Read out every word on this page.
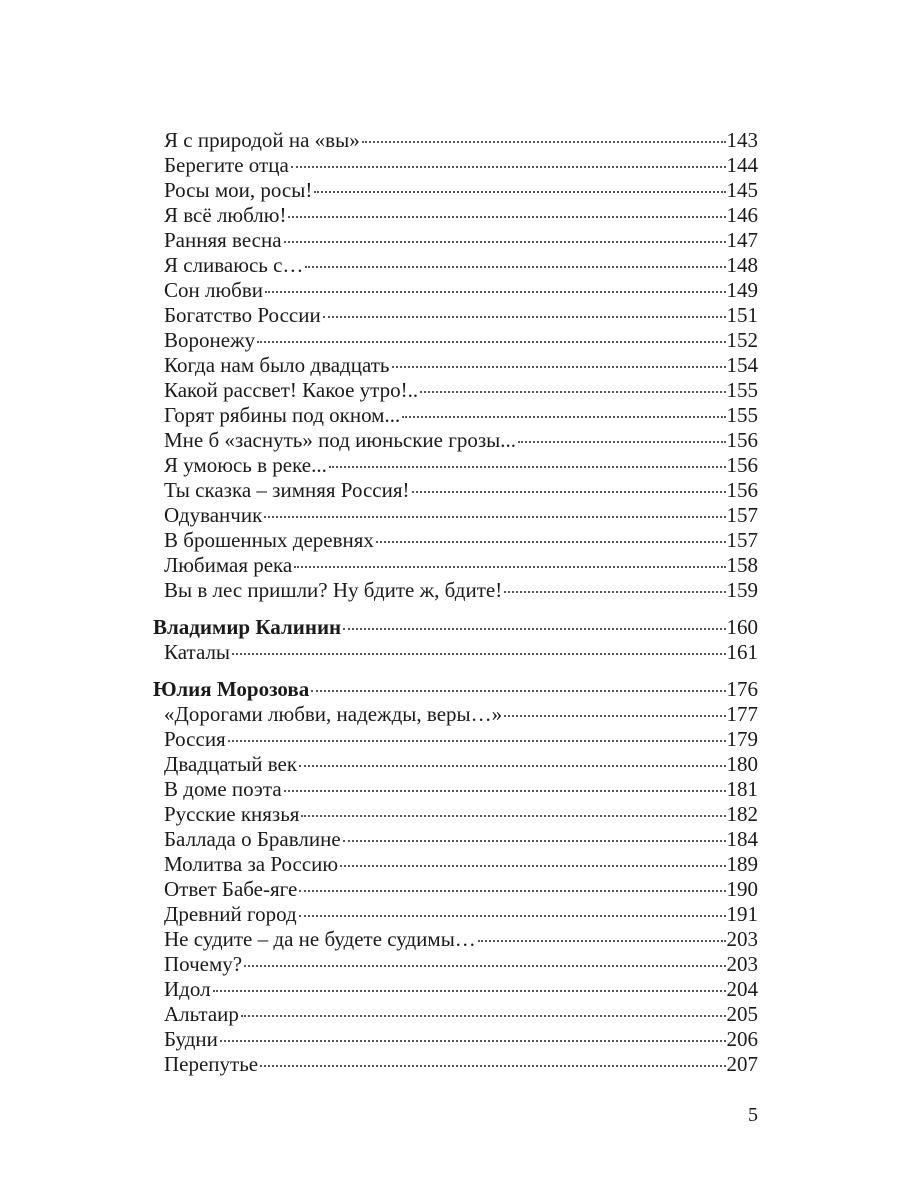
Я с природой на «вы»	143
Берегите отца	144
Росы мои, росы!	145
Я всё люблю!	146
Ранняя весна	147
Я сливаюсь с…	148
Сон любви	149
Богатство России	151
Воронежу	152
Когда нам было двадцать	154
Какой рассвет! Какое утро!..	155
Горят рябины под окном...	155
Мне б «заснуть» под июньские грозы...	156
Я умоюсь в реке...	156
Ты сказка – зимняя Россия!	156
Одуванчик	157
В брошенных деревнях	157
Любимая река	158
Вы в лес пришли? Ну бдите ж, бдите!	159
Владимир Калинин	160
Каталы	161
Юлия Морозова	176
«Дорогами любви, надежды, веры…»	177
Россия	179
Двадцатый век	180
В доме поэта	181
Русские князья	182
Баллада о Бравлине	184
Молитва за Россию	189
Ответ Бабе-яге	190
Древний город	191
Не судите – да не будете судимы…	203
Почему?	203
Идол	204
Альтаир	205
Будни	206
Перепутье	207
5
